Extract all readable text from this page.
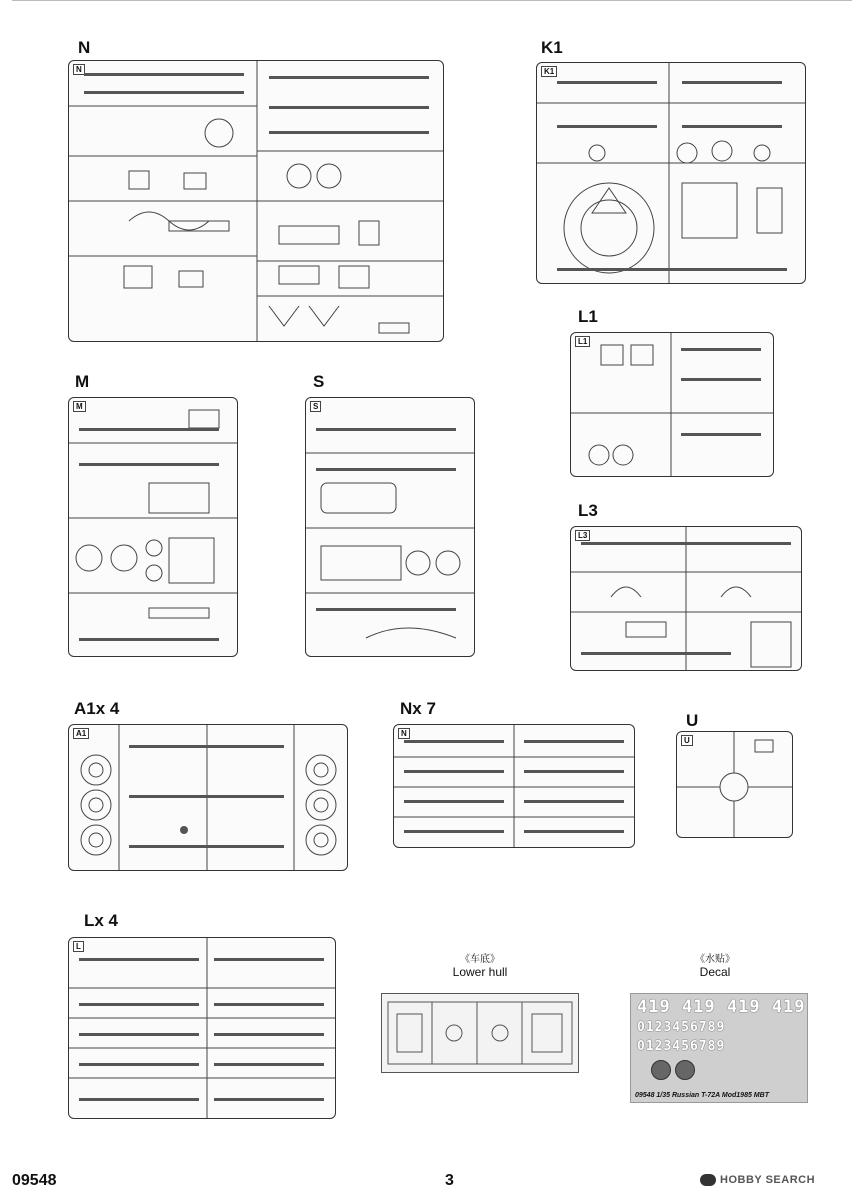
N	K1
M	S
L1
L3
A1x 4	Nx 7
U
Lx 4
N	K1
M	S
L1
L3
A1	N
U
L
《车底》
Lower hull
《水贴》
Decal
419 419 419 419
0123456789
0123456789
09548 1/35 Russian T-72A Mod1985 MBT
09548	3	HOBBY SEARCH
